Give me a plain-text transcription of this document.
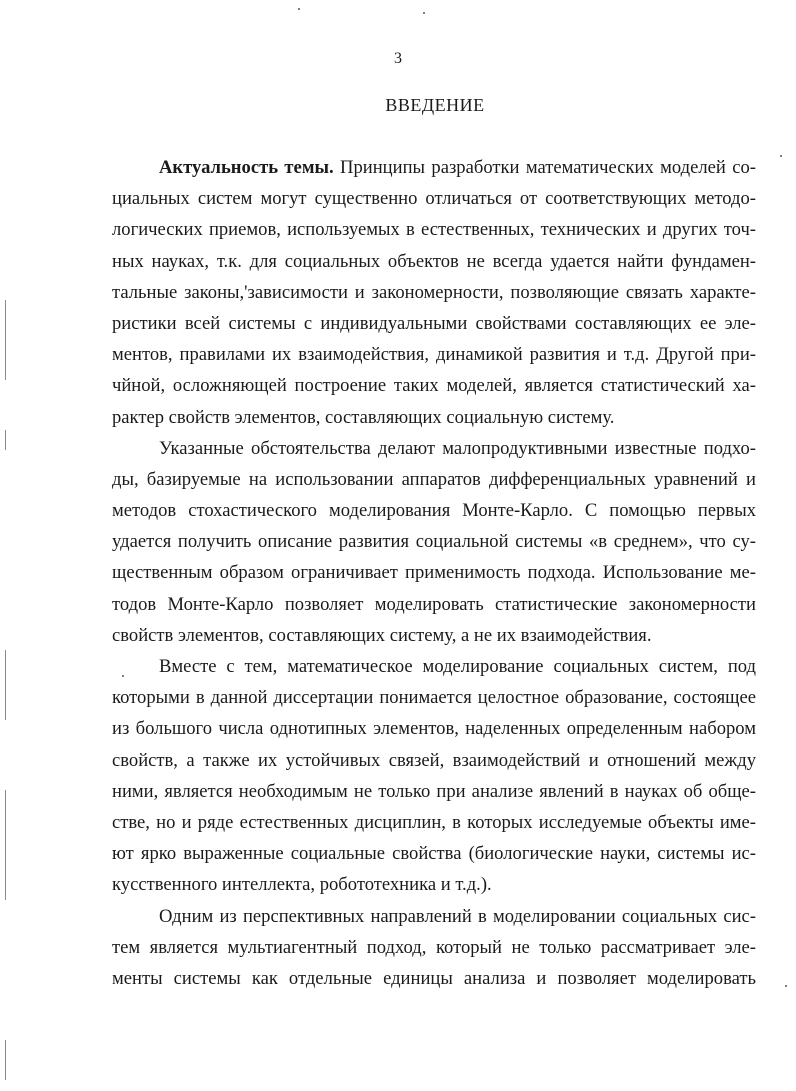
3
ВВЕДЕНИЕ
Актуальность темы. Принципы разработки математических моделей со-
циальных систем могут существенно отличаться от соответствующих методо-
логических приемов, используемых в естественных, технических и других точ-
ных науках, т.к. для социальных объектов не всегда удается найти фундамен-
тальные законы,'зависимости и закономерности, позволяющие связать характе-
ристики всей системы с индивидуальными свойствами составляющих ее эле-
ментов, правилами их взаимодействия, динамикой развития и т.д. Другой при-
чйной, осложняющей построение таких моделей, является статистический ха-
рактер свойств элементов, составляющих социальную систему.
Указанные обстоятельства делают малопродуктивными известные подхо-
ды, базируемые на использовании аппаратов дифференциальных уравнений и
методов стохастического моделирования Монте-Карло. С помощью первых
удается получить описание развития социальной системы «в среднем», что су-
щественным образом ограничивает применимость подхода. Использование ме-
тодов Монте-Карло позволяет моделировать статистические закономерности
свойств элементов, составляющих систему, а не их взаимодействия.
Вместе с тем, математическое моделирование социальных систем, под
которыми в данной диссертации понимается целостное образование, состоящее
из большого числа однотипных элементов, наделенных определенным набором
свойств, а также их устойчивых связей, взаимодействий и отношений между
ними, является необходимым не только при анализе явлений в науках об обще-
стве, но и ряде естественных дисциплин, в которых исследуемые объекты име-
ют ярко выраженные социальные свойства (биологические науки, системы ис-
кусственного интеллекта, робототехника и т.д.).
Одним из перспективных направлений в моделировании социальных сис-
тем является мультиагентный подход, который не только рассматривает эле-
менты системы как отдельные единицы анализа и позволяет моделировать
